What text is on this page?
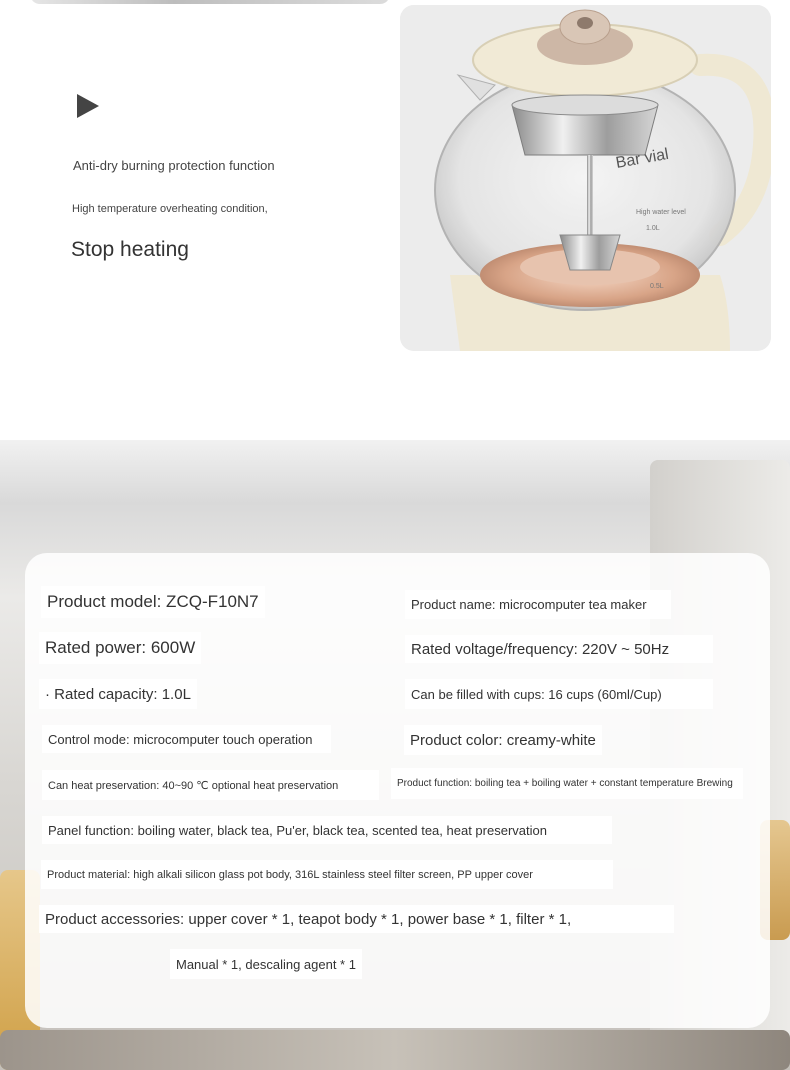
Anti-dry burning protection function
High temperature overheating condition,
Stop heating
Bar vial
High water level
1.0L
0.5L
Product model: ZCQ-F10N7	Product name: microcomputer tea maker
Rated power: 600W	Rated voltage/frequency: 220V ~ 50Hz
· Rated capacity: 1.0L	Can be filled with cups: 16 cups (60ml/Cup)
Control mode: microcomputer touch operation	Product color: creamy-white
Can heat preservation: 40~90 ℃ optional heat preservation	Product function: boiling tea + boiling water + constant temperature Brewing
Panel function: boiling water, black tea, Pu'er, black tea, scented tea, heat preservation
Product material: high alkali silicon glass pot body, 316L stainless steel filter screen, PP upper cover
Product accessories: upper cover * 1, teapot body * 1, power base * 1, filter * 1,
Manual * 1, descaling agent * 1
